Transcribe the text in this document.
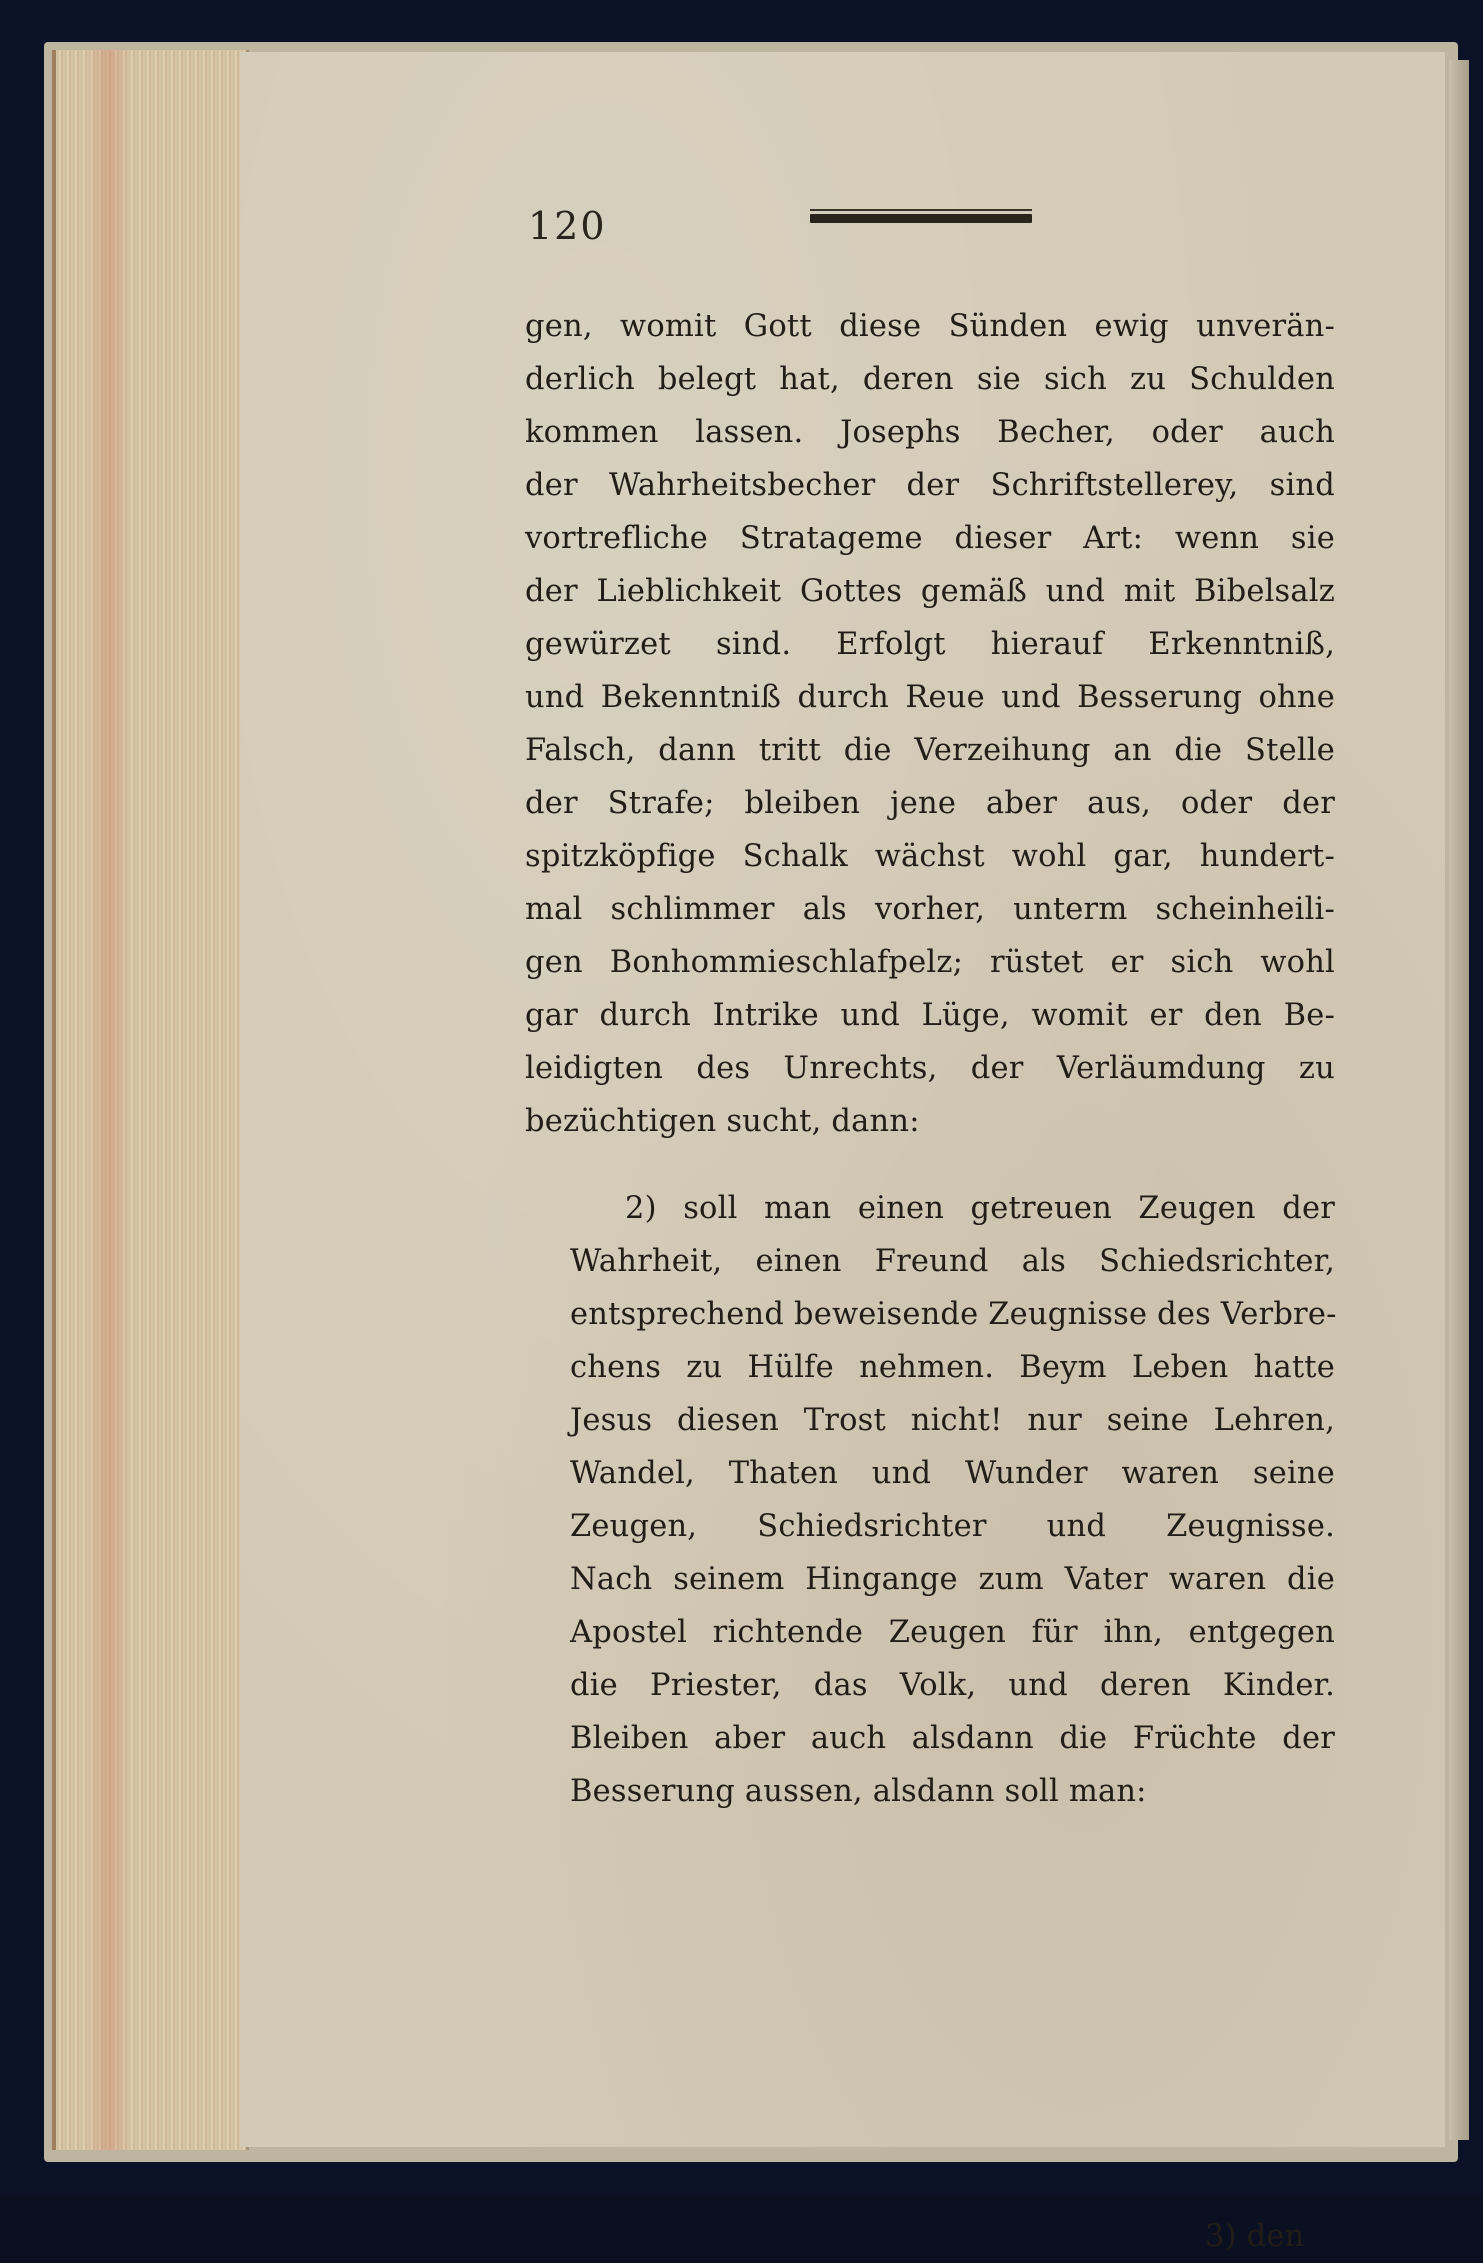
120
gen, womit Gott diese Sünden ewig unverän-
derlich belegt hat, deren sie sich zu Schulden
kommen lassen. Josephs Becher, oder auch
der Wahrheitsbecher der Schriftstellerey, sind
vortrefliche Stratageme dieser Art: wenn sie
der Lieblichkeit Gottes gemäß und mit Bibelsalz
gewürzet sind. Erfolgt hierauf Erkenntniß,
und Bekenntniß durch Reue und Besserung ohne
Falsch, dann tritt die Verzeihung an die Stelle
der Strafe; bleiben jene aber aus, oder der
spitzköpfige Schalk wächst wohl gar, hundert-
mal schlimmer als vorher, unterm scheinheili-
gen Bonhommieschlafpelz; rüstet er sich wohl
gar durch Intrike und Lüge, womit er den Be-
leidigten des Unrechts, der Verläumdung zu
bezüchtigen sucht, dann:
2) soll man einen getreuen Zeugen der
Wahrheit, einen Freund als Schiedsrichter,
entsprechend beweisende Zeugnisse des Verbre-
chens zu Hülfe nehmen. Beym Leben hatte
Jesus diesen Trost nicht! nur seine Lehren,
Wandel, Thaten und Wunder waren seine
Zeugen, Schiedsrichter und Zeugnisse.
Nach seinem Hingange zum Vater waren die
Apostel richtende Zeugen für ihn, entgegen
die Priester, das Volk, und deren Kinder.
Bleiben aber auch alsdann die Früchte der
Besserung aussen, alsdann soll man:
3) den
